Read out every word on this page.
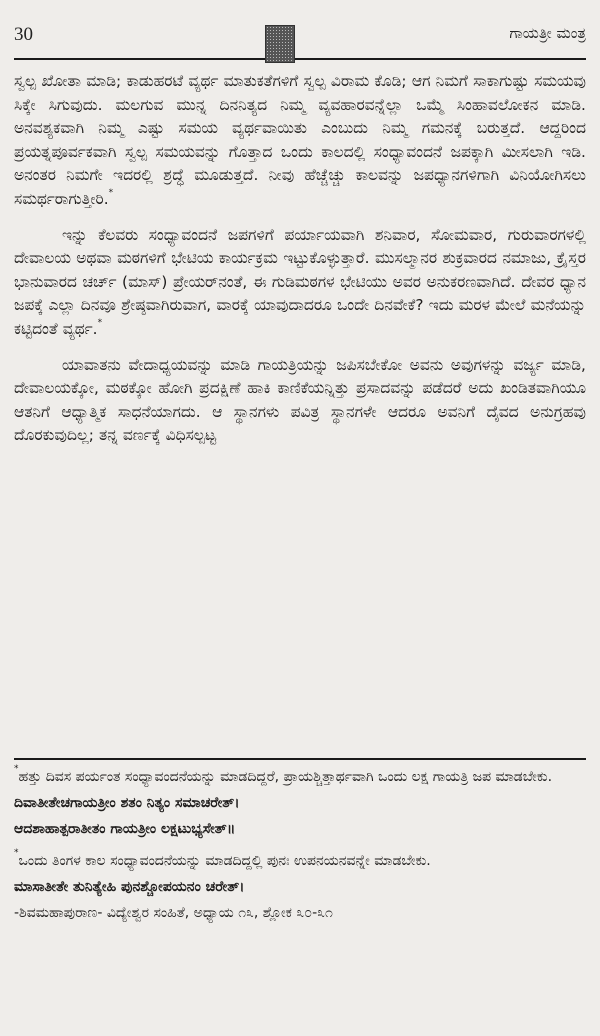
30	ಗಾಯತ್ರೀ ಮಂತ್ರ

ಸ್ವಲ್ಪ ಖೋತಾ ಮಾಡಿ; ಕಾಡುಹರಟೆ ವ್ಯರ್ಥ ಮಾತುಕತೆಗಳಿಗೆ ಸ್ವಲ್ಪ ವಿರಾಮ ಕೊಡಿ; ಆಗ ನಿಮಗೆ ಸಾಕಾಗುಷ್ಟು ಸಮಯವು ಸಿಕ್ಕೇ ಸಿಗುವುದು. ಮಲಗುವ ಮುನ್ನ ದಿನನಿತ್ಯದ ನಿಮ್ಮ ವ್ಯವಹಾರವನ್ನೆಲ್ಲಾ ಒಮ್ಮೆ ಸಿಂಹಾವಲೋಕನ ಮಾಡಿ. ಅನವಶ್ಯಕವಾಗಿ ನಿಮ್ಮ ಎಷ್ಟು ಸಮಯ ವ್ಯರ್ಥವಾಯಿತು ಎಂಬುದು ನಿಮ್ಮ ಗಮನಕ್ಕೆ ಬರುತ್ತದೆ. ಆದ್ದರಿಂದ ಪ್ರಯತ್ನಪೂರ್ವಕವಾಗಿ ಸ್ವಲ್ಪ ಸಮಯವನ್ನು ಗೊತ್ತಾದ ಒಂದು ಕಾಲದಲ್ಲಿ ಸಂಧ್ಯಾವಂದನೆ ಜಪಕ್ಕಾಗಿ ಮೀಸಲಾಗಿ ಇಡಿ. ಅನಂತರ ನಿಮಗೇ ಇದರಲ್ಲಿ ಶ್ರದ್ಧೆ ಮೂಡುತ್ತದೆ. ನೀವು ಹೆಚ್ಚೆಚ್ಚು ಕಾಲವನ್ನು ಜಪಧ್ಯಾನಗಳಿಗಾಗಿ ವಿನಿಯೋಗಿಸಲು ಸಮರ್ಥರಾಗುತ್ತೀರಿ.*

ಇನ್ನು ಕೆಲವರು ಸಂಧ್ಯಾವಂದನೆ ಜಪಗಳಿಗೆ ಪರ್ಯಾಯವಾಗಿ ಶನಿವಾರ, ಸೋಮವಾರ, ಗುರುವಾರಗಳಲ್ಲಿ ದೇವಾಲಯ ಅಥವಾ ಮಠಗಳಿಗೆ ಭೇಟಿಯ ಕಾರ್ಯಕ್ರಮ ಇಟ್ಟುಕೊಳ್ಳುತ್ತಾರೆ. ಮುಸಲ್ಮಾನರ ಶುಕ್ರವಾರದ ನಮಾಜು, ಕ್ರೈಸ್ತರ ಭಾನುವಾರದ ಚರ್ಚ್ (ಮಾಸ್) ಪ್ರೇಯರ್‌ನಂತೆ, ಈ ಗುಡಿಮಠಗಳ ಭೇಟಿಯು ಅವರ ಅನುಕರಣವಾಗಿದೆ. ದೇವರ ಧ್ಯಾನ ಜಪಕ್ಕೆ ಎಲ್ಲಾ ದಿನವೂ ಶ್ರೇಷ್ಠವಾಗಿರುವಾಗ, ವಾರಕ್ಕೆ ಯಾವುದಾದರೂ ಒಂದೇ ದಿನವೇಕೆ? ಇದು ಮರಳ ಮೇಲೆ ಮನೆಯನ್ನು ಕಟ್ಟಿದಂತೆ ವ್ಯರ್ಥ.*

ಯಾವಾತನು ವೇದಾಧ್ಯಯವನ್ನು ಮಾಡಿ ಗಾಯತ್ರಿಯನ್ನು ಜಪಿಸಬೇಕೋ ಅವನು ಅವುಗಳನ್ನು ವರ್ಜ್ಯ ಮಾಡಿ, ದೇವಾಲಯಕ್ಕೋ, ಮಠಕ್ಕೋ ಹೋಗಿ ಪ್ರದಕ್ಷಿಣೆ ಹಾಕಿ ಕಾಣಿಕೆಯನ್ನಿತ್ತು ಪ್ರಸಾದವನ್ನು ಪಡೆದರೆ ಅದು ಖಂಡಿತವಾಗಿಯೂ ಆತನಿಗೆ ಆಧ್ಯಾತ್ಮಿಕ ಸಾಧನೆಯಾಗದು. ಆ ಸ್ಥಾನಗಳು ಪವಿತ್ರ ಸ್ಥಾನಗಳೇ ಆದರೂ ಅವನಿಗೆ ದೈವದ ಅನುಗ್ರಹವು ದೊರಕುವುದಿಲ್ಲ; ತನ್ನ ವರ್ಣಕ್ಕೆ ವಿಧಿಸಲ್ಪಟ್ಟ

*ಹತ್ತು ದಿವಸ ಪರ್ಯಂತ ಸಂಧ್ಯಾವಂದನೆಯನ್ನು ಮಾಡದಿದ್ದರೆ, ಪ್ರಾಯಶ್ಚಿತ್ತಾರ್ಥವಾಗಿ ಒಂದು ಲಕ್ಷ ಗಾಯತ್ರಿ ಜಪ ಮಾಡಬೇಕು.
ದಿವಾತೀತೇಚಗಾಯತ್ರೀಂ ಶತಂ ನಿತ್ಯಂ ಸಮಾಚರೇತ್।
ಆದಶಾಹಾತ್ಪರಾತೀತಂ ಗಾಯತ್ರೀಂ ಲಕ್ಷಟುಭ್ಯಸೇತ್॥
*ಒಂದು ತಿಂಗಳ ಕಾಲ ಸಂಧ್ಯಾವಂದನೆಯನ್ನು ಮಾಡದಿದ್ದಲ್ಲಿ ಪುನಃ ಉಪನಯನವನ್ನೇ ಮಾಡಬೇಕು.
ಮಾಸಾತೀತೇ ತುನಿತ್ಯೇಹಿ ಪುನಶ್ಚೋಪಯನಂ ಚರೇತ್।
-ಶಿವಮಹಾಪುರಾಣ- ವಿದ್ಯೇಶ್ವರ ಸಂಹಿತೆ, ಅಧ್ಯಾಯ ೧೩, ಶ್ಲೋಕ ೩೦-೩೧
